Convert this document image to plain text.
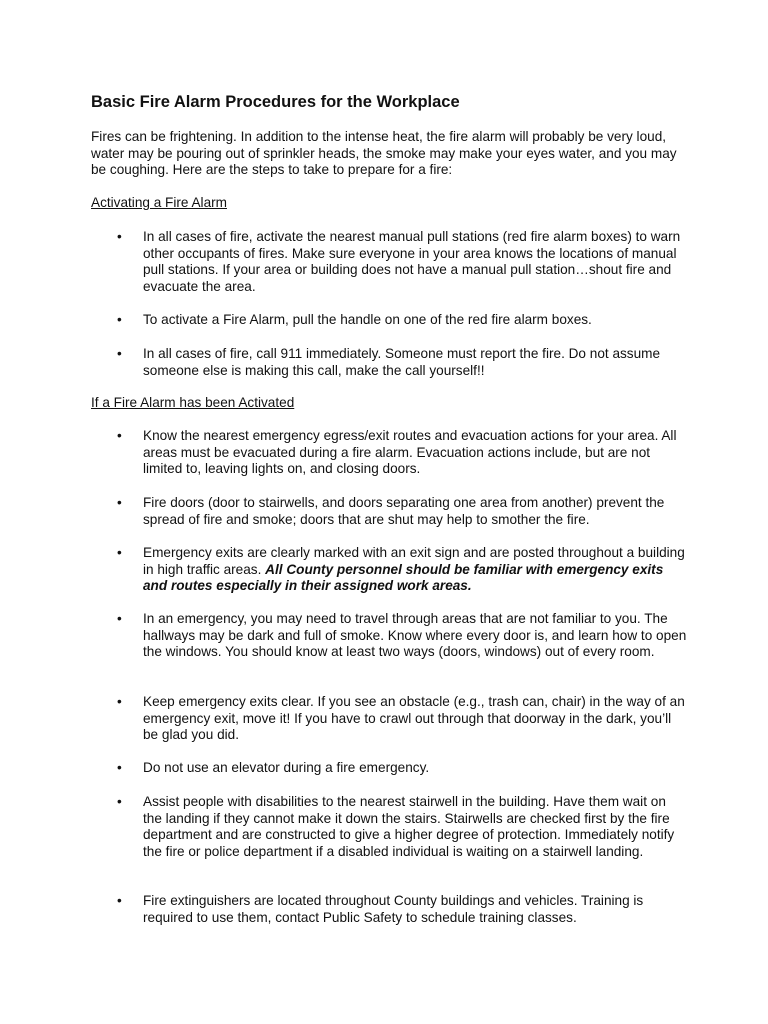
Basic Fire Alarm Procedures for the Workplace

Fires can be frightening. In addition to the intense heat, the fire alarm will probably be very loud, water may be pouring out of sprinkler heads, the smoke may make your eyes water, and you may be coughing. Here are the steps to take to prepare for a fire:

Activating a Fire Alarm

• In all cases of fire, activate the nearest manual pull stations (red fire alarm boxes) to warn other occupants of fires. Make sure everyone in your area knows the locations of manual pull stations. If your area or building does not have a manual pull station…shout fire and evacuate the area.

• To activate a Fire Alarm, pull the handle on one of the red fire alarm boxes.

• In all cases of fire, call 911 immediately. Someone must report the fire. Do not assume someone else is making this call, make the call yourself!!

If a Fire Alarm has been Activated

• Know the nearest emergency egress/exit routes and evacuation actions for your area. All areas must be evacuated during a fire alarm. Evacuation actions include, but are not limited to, leaving lights on, and closing doors.

• Fire doors (door to stairwells, and doors separating one area from another) prevent the spread of fire and smoke; doors that are shut may help to smother the fire.

• Emergency exits are clearly marked with an exit sign and are posted throughout a building in high traffic areas. All County personnel should be familiar with emergency exits and routes especially in their assigned work areas.

• In an emergency, you may need to travel through areas that are not familiar to you. The hallways may be dark and full of smoke. Know where every door is, and learn how to open the windows. You should know at least two ways (doors, windows) out of every room.

• Keep emergency exits clear. If you see an obstacle (e.g., trash can, chair) in the way of an emergency exit, move it! If you have to crawl out through that doorway in the dark, you’ll be glad you did.

• Do not use an elevator during a fire emergency.

• Assist people with disabilities to the nearest stairwell in the building. Have them wait on the landing if they cannot make it down the stairs. Stairwells are checked first by the fire department and are constructed to give a higher degree of protection. Immediately notify the fire or police department if a disabled individual is waiting on a stairwell landing.

• Fire extinguishers are located throughout County buildings and vehicles. Training is required to use them, contact Public Safety to schedule training classes.
